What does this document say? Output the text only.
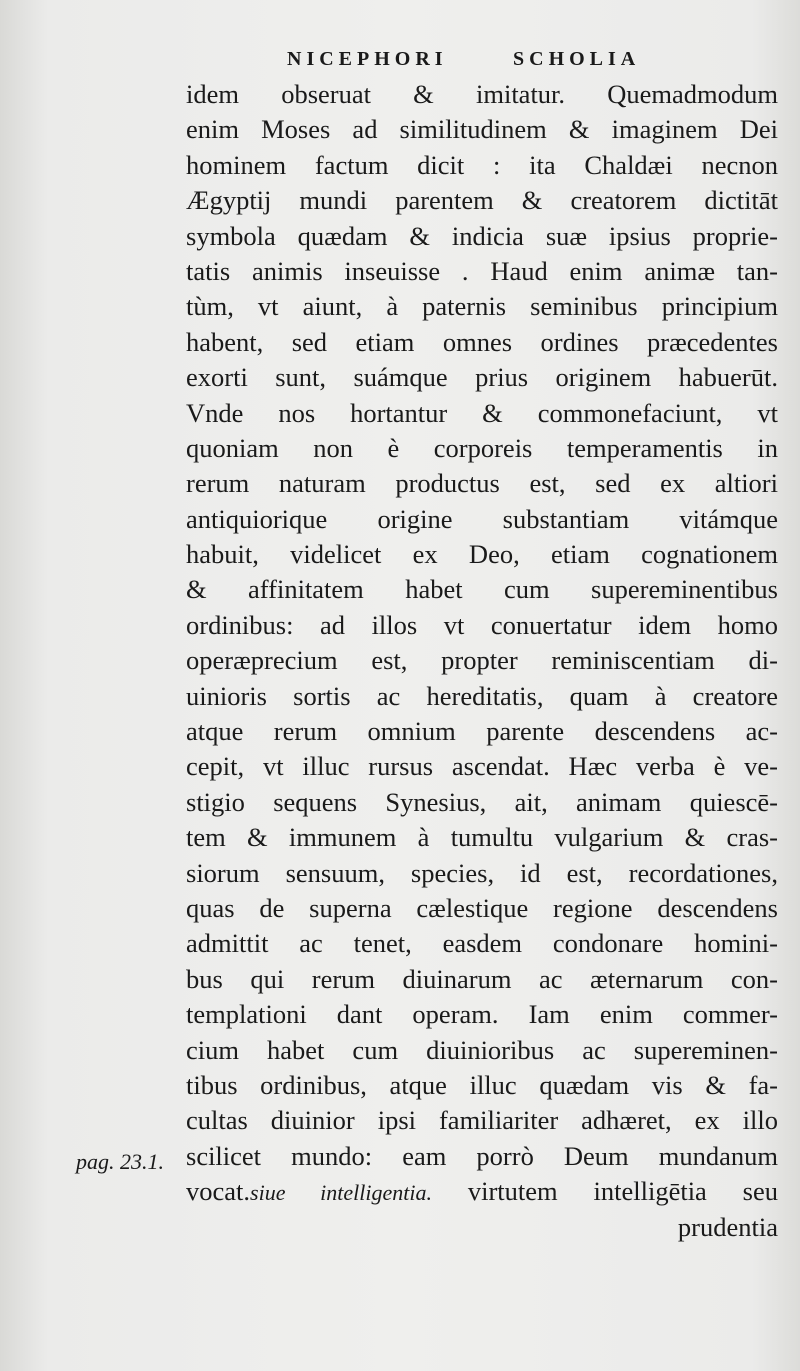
NICEPHORI	SCHOLIA
idem obseruat & imitatur. Quemadmodum
enim Moses ad similitudinem & imaginem Dei
hominem factum dicit : ita Chaldæi necnon
Ægyptij mundi parentem & creatorem dictitāt
symbola quædam & indicia suæ ipsius proprie-
tatis animis inseuisse . Haud enim animæ tan-
tùm, vt aiunt, à paternis seminibus principium
habent, sed etiam omnes ordines præcedentes
exorti sunt, suámque prius originem habuerūt.
Vnde nos hortantur & commonefaciunt, vt
quoniam non è corporeis temperamentis in
rerum naturam productus est, sed ex altiori
antiquiorique origine substantiam vitámque
habuit, videlicet ex Deo, etiam cognationem
& affinitatem habet cum supereminentibus
ordinibus: ad illos vt conuertatur idem homo
operæprecium est, propter reminiscentiam di-
uinioris sortis ac hereditatis, quam à creatore
atque rerum omnium parente descendens ac-
cepit, vt illuc rursus ascendat. Hæc verba è ve-
stigio sequens Synesius, ait, animam quiescē-
tem & immunem à tumultu vulgarium & cras-
siorum sensuum, species, id est, recordationes,
quas de superna cælestique regione descendens
admittit ac tenet, easdem condonare homini-
bus qui rerum diuinarum ac æternarum con-
templationi dant operam. Iam enim commer-
cium habet cum diuinioribus ac supereminen-
tibus ordinibus, atque illuc quædam vis & fa-
cultas diuinior ipsi familiariter adhæret, ex illo
scilicet mundo: eam porrò Deum mundanum
vocat.siue intelligentia. virtutem intelligētia seu
prudentia
pag. 23.1.
